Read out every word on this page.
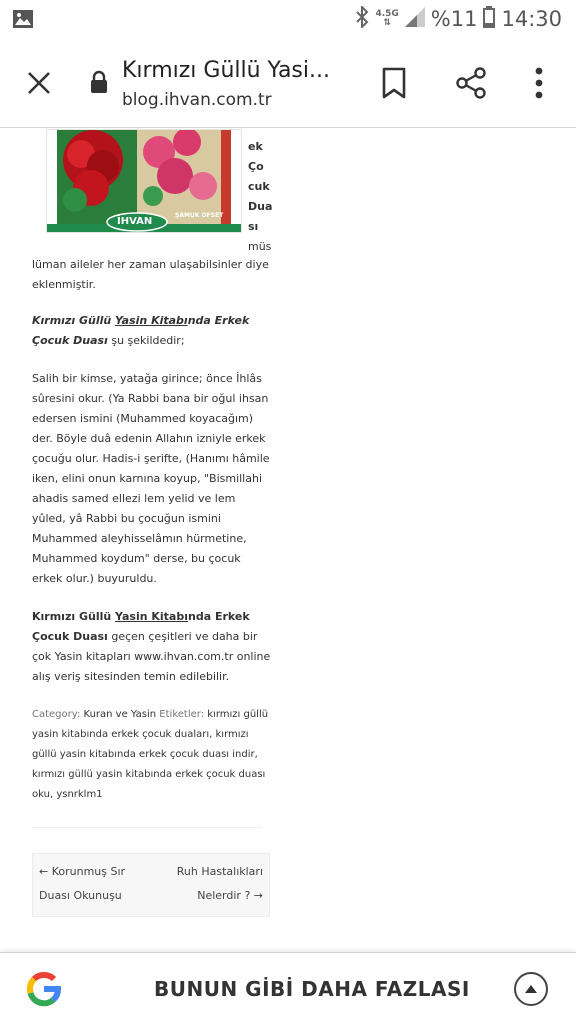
4.5G
⇅	%11 14:30
Kırmızı Güllü Yasi...
blog.ihvan.com.tr
İHVAN
ŞAMUK OFSET
ek
Ço
cuk
Dua
sı
müs

lüman aileler her zaman ulaşabilsinler diye eklenmiştir.

Kırmızı Güllü Yasin Kitabında Erkek Çocuk Duası şu şekildedir;

Salih bir kimse, yatağa girince; önce İhlâs sûresini okur. (Ya Rabbi bana bir oğul ihsan edersen ismini (Muhammed koyacağım) der. Böyle duâ edenin Allahın izniyle erkek çocuğu olur. Hadis-i şerifte, (Hanımı hâmile iken, elini onun karnına koyup, "Bismillahi ahadis samed ellezi lem yelid ve lem yûled, yâ Rabbi bu çocuğun ismini Muhammed aleyhisselâmın hürmetine, Muhammed koydum" derse, bu çocuk erkek olur.) buyuruldu.

Kırmızı Güllü Yasin Kitabında Erkek Çocuk Duası geçen çeşitleri ve daha bir çok Yasin kitapları www.ihvan.com.tr online alış veriş sitesinden temin edilebilir.

Category: Kuran ve Yasin Etiketler: kırmızı güllü yasin kitabında erkek çocuk duaları, kırmızı güllü yasin kitabında erkek çocuk duası indir, kırmızı güllü yasin kitabında erkek çocuk duası oku, ysnrklm1
← Korunmuş Sır
Duası Okunuşu
Ruh Hastalıkları
Nelerdir ? →
BUNUN GİBİ DAHA FAZLASI
